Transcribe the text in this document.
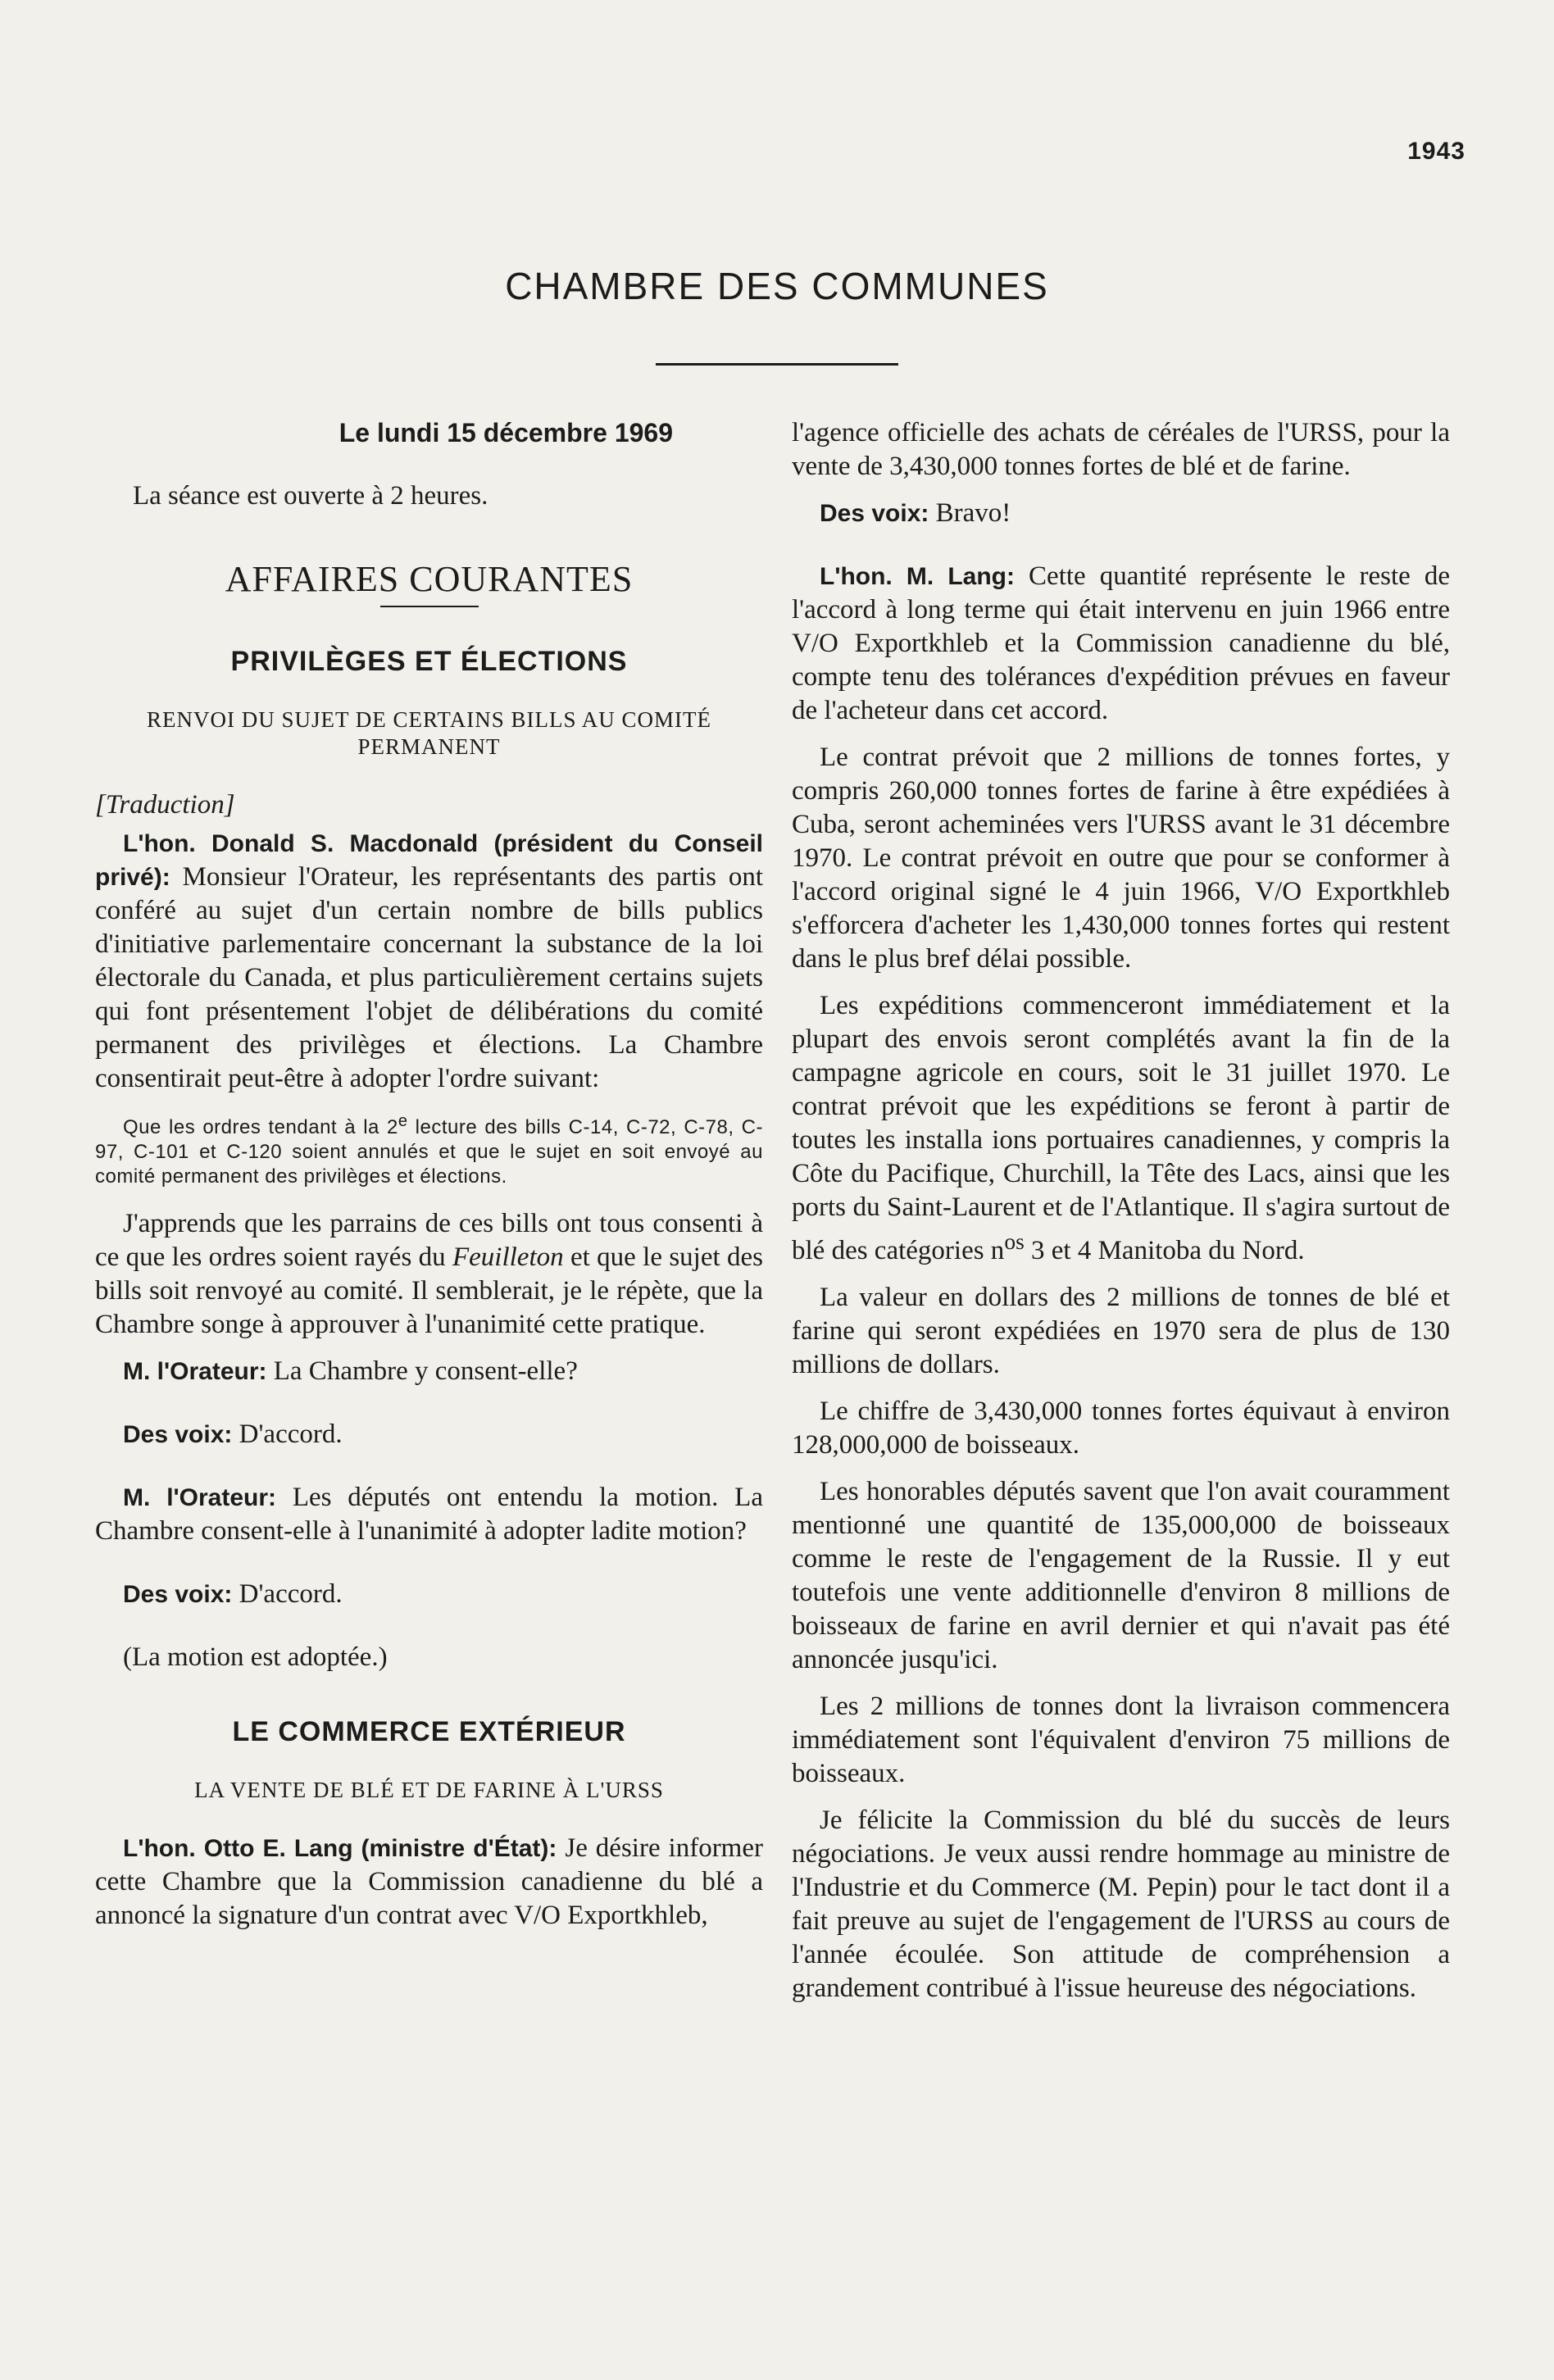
1943
CHAMBRE DES COMMUNES
Le lundi 15 décembre 1969

La séance est ouverte à 2 heures.

AFFAIRES COURANTES
PRIVILÈGES ET ÉLECTIONS
RENVOI DU SUJET DE CERTAINS BILLS AU COMITÉ PERMANENT

[Traduction]

L'hon. Donald S. Macdonald (président du Conseil privé): Monsieur l'Orateur, les représentants des partis ont conféré au sujet d'un certain nombre de bills publics d'initiative parlementaire concernant la substance de la loi électorale du Canada, et plus particulièrement certains sujets qui font présentement l'objet de délibérations du comité permanent des privilèges et élections. La Chambre consentirait peut-être à adopter l'ordre suivant:

Que les ordres tendant à la 2e lecture des bills C-14, C-72, C-78, C-97, C-101 et C-120 soient annulés et que le sujet en soit envoyé au comité permanent des privilèges et élections.

J'apprends que les parrains de ces bills ont tous consenti à ce que les ordres soient rayés du Feuilleton et que le sujet des bills soit renvoyé au comité. Il semblerait, je le répète, que la Chambre songe à approuver à l'unanimité cette pratique.

M. l'Orateur: La Chambre y consent-elle?

Des voix: D'accord.

M. l'Orateur: Les députés ont entendu la motion. La Chambre consent-elle à l'unanimité à adopter ladite motion?

Des voix: D'accord.

(La motion est adoptée.)

LE COMMERCE EXTÉRIEUR
LA VENTE DE BLÉ ET DE FARINE À L'URSS

L'hon. Otto E. Lang (ministre d'État): Je désire informer cette Chambre que la Commission canadienne du blé a annoncé la signature d'un contrat avec V/O Exportkhleb,

l'agence officielle des achats de céréales de l'URSS, pour la vente de 3,430,000 tonnes fortes de blé et de farine.

Des voix: Bravo!

L'hon. M. Lang: Cette quantité représente le reste de l'accord à long terme qui était intervenu en juin 1966 entre V/O Exportkhleb et la Commission canadienne du blé, compte tenu des tolérances d'expédition prévues en faveur de l'acheteur dans cet accord.

Le contrat prévoit que 2 millions de tonnes fortes, y compris 260,000 tonnes fortes de farine à être expédiées à Cuba, seront acheminées vers l'URSS avant le 31 décembre 1970. Le contrat prévoit en outre que pour se conformer à l'accord original signé le 4 juin 1966, V/O Exportkhleb s'efforcera d'acheter les 1,430,000 tonnes fortes qui restent dans le plus bref délai possible.

Les expéditions commenceront immédiatement et la plupart des envois seront complétés avant la fin de la campagne agricole en cours, soit le 31 juillet 1970. Le contrat prévoit que les expéditions se feront à partir de toutes les installa ions portuaires canadiennes, y compris la Côte du Pacifique, Churchill, la Tête des Lacs, ainsi que les ports du Saint-Laurent et de l'Atlantique. Il s'agira surtout de blé des catégories $n^{os}$ 3 et 4 Manitoba du Nord.

La valeur en dollars des 2 millions de tonnes de blé et farine qui seront expédiées en 1970 sera de plus de 130 millions de dollars.

Le chiffre de 3,430,000 tonnes fortes équivaut à environ 128,000,000 de boisseaux.

Les honorables députés savent que l'on avait couramment mentionné une quantité de 135,000,000 de boisseaux comme le reste de l'engagement de la Russie. Il y eut toutefois une vente additionnelle d'environ 8 millions de boisseaux de farine en avril dernier et qui n'avait pas été annoncée jusqu'ici.

Les 2 millions de tonnes dont la livraison commencera immédiatement sont l'équivalent d'environ 75 millions de boisseaux.

Je félicite la Commission du blé du succès de leurs négociations. Je veux aussi rendre hommage au ministre de l'Industrie et du Commerce (M. Pepin) pour le tact dont il a fait preuve au sujet de l'engagement de l'URSS au cours de l'année écoulée. Son attitude de compréhension a grandement contribué à l'issue heureuse des négociations.
